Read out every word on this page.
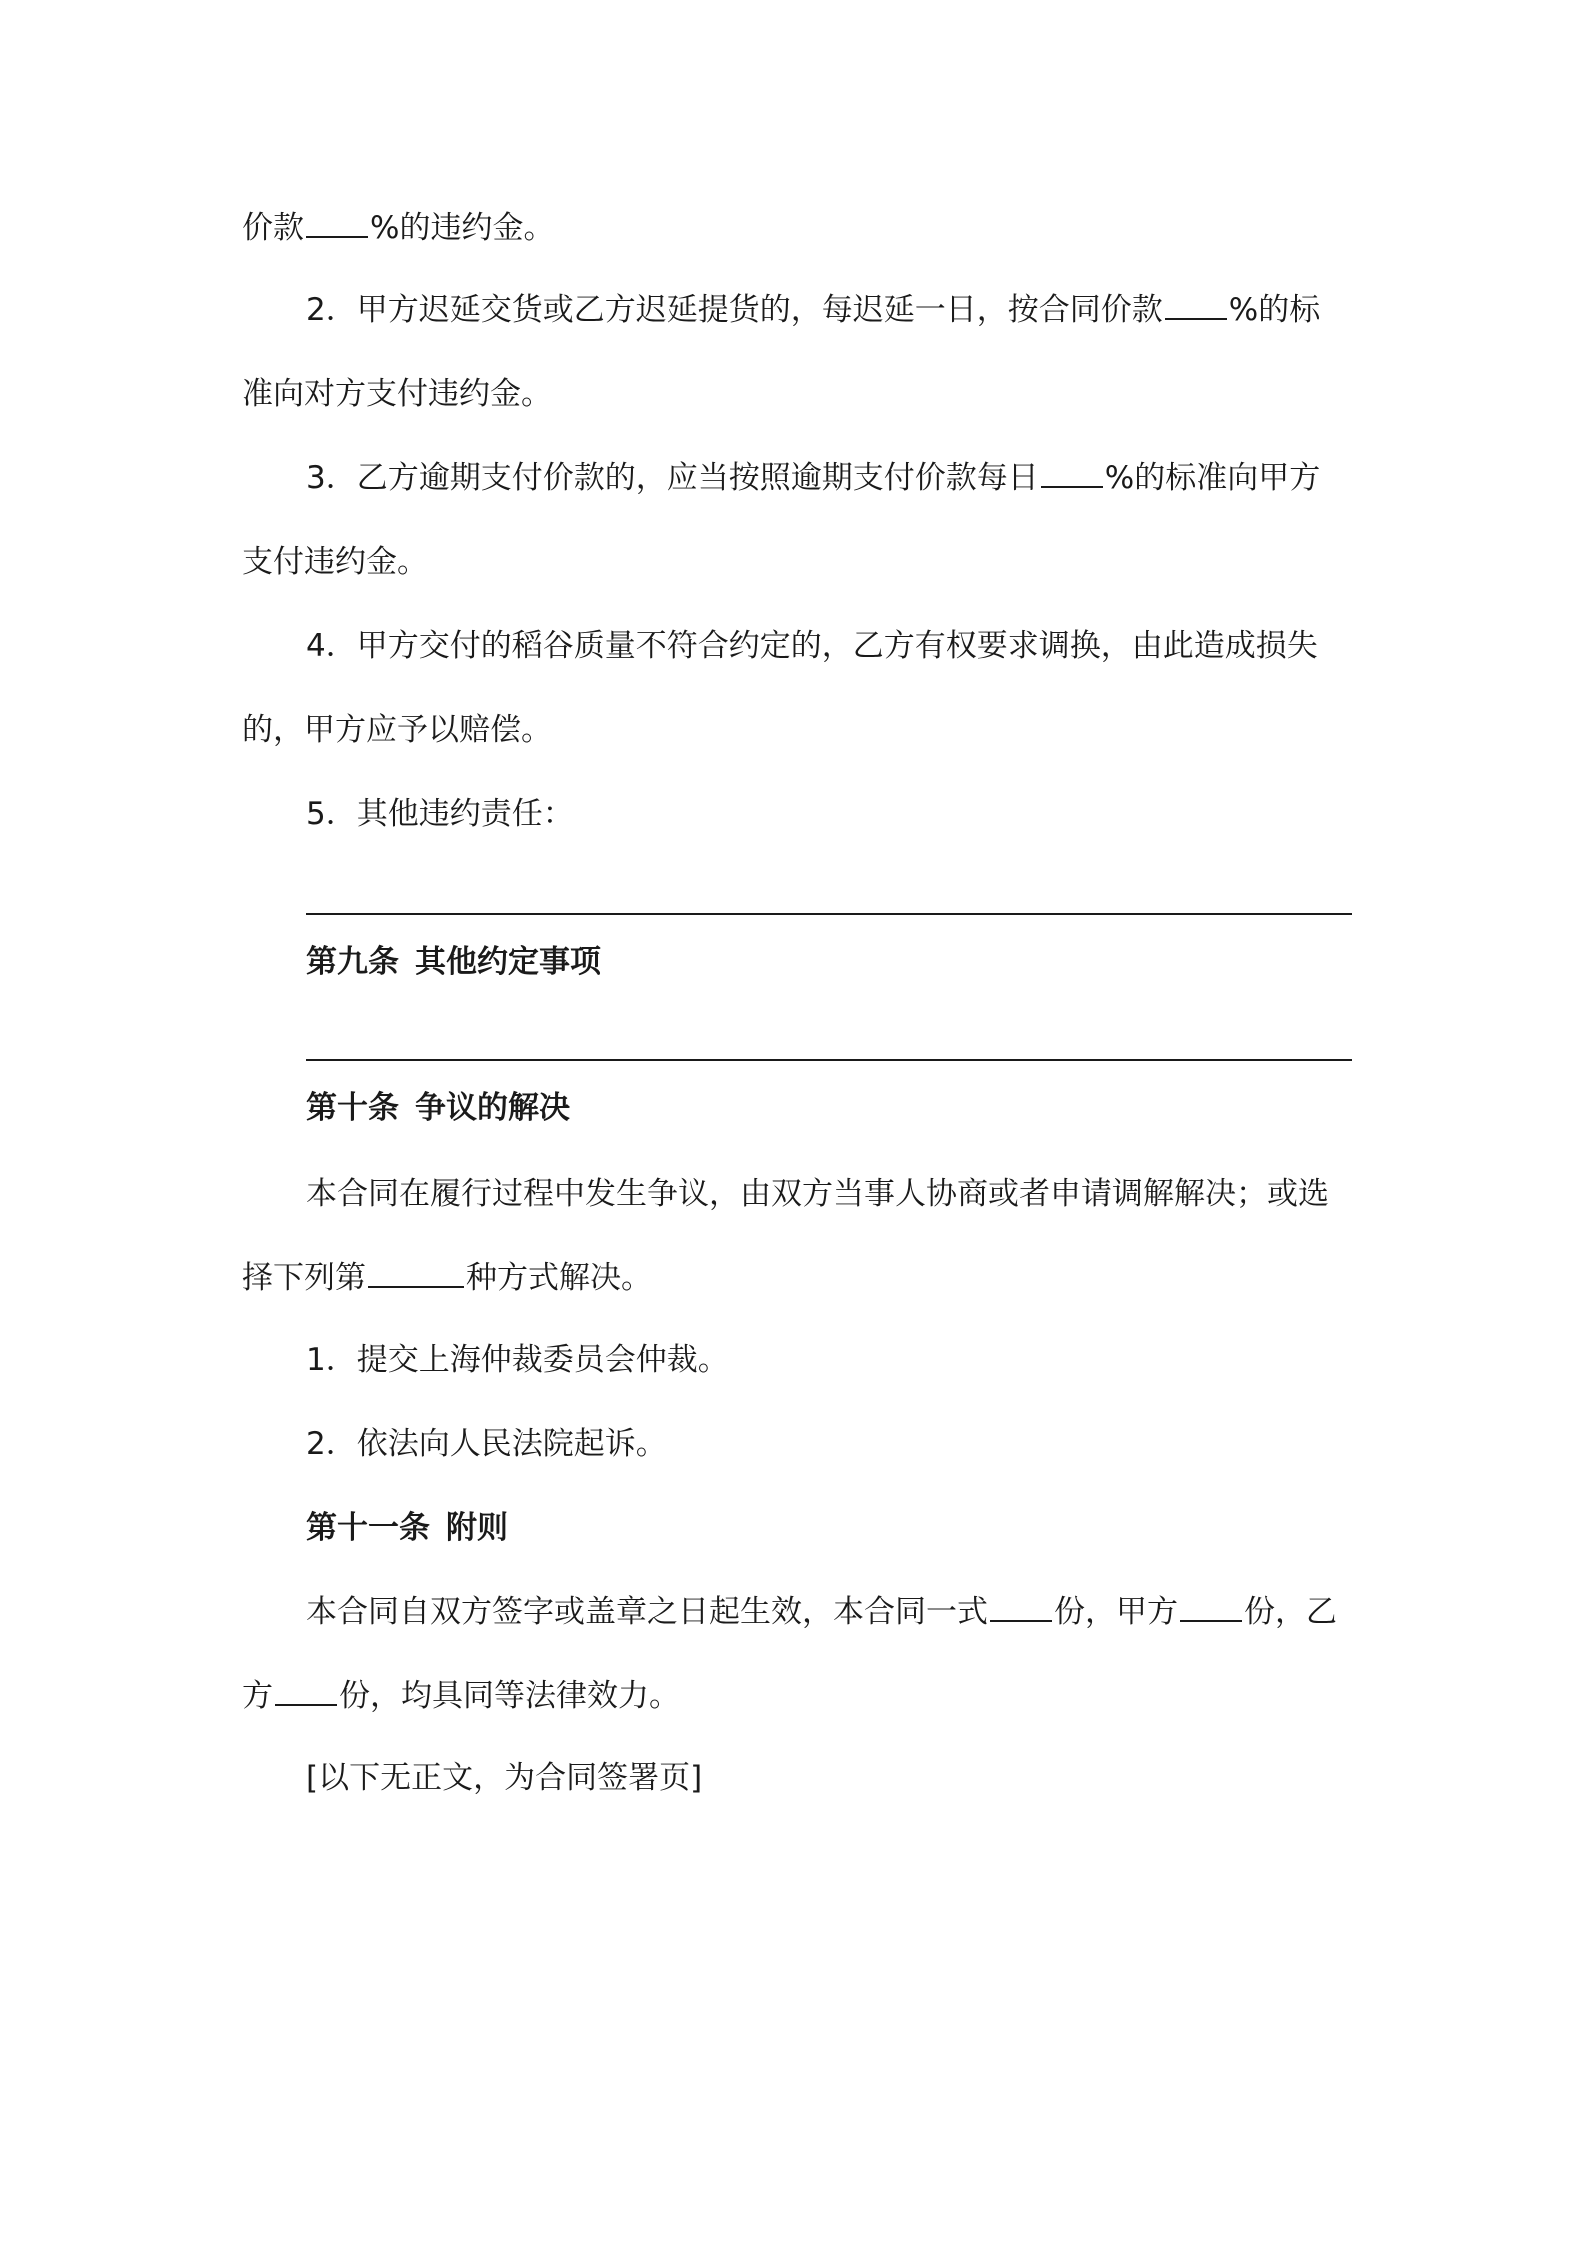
价款 %的违约金。
2．甲方迟延交货或乙方迟延提货的，每迟延一日，按合同价款 %的标
准向对方支付违约金。
3．乙方逾期支付价款的，应当按照逾期支付价款每日 %的标准向甲方
支付违约金。
4．甲方交付的稻谷质量不符合约定的，乙方有权要求调换，由此造成损失
的，甲方应予以赔偿。
5．其他违约责任：
第九条 其他约定事项
第十条 争议的解决
本合同在履行过程中发生争议，由双方当事人协商或者申请调解解决；或选
择下列第	种方式解决。
1．提交上海仲裁委员会仲裁。
2．依法向人民法院起诉。
第十一条 附则
本合同自双方签字或盖章之日起生效，本合同一式 份，甲方 份，乙
方 份，均具同等法律效力。
[以下无正文，为合同签署页]
